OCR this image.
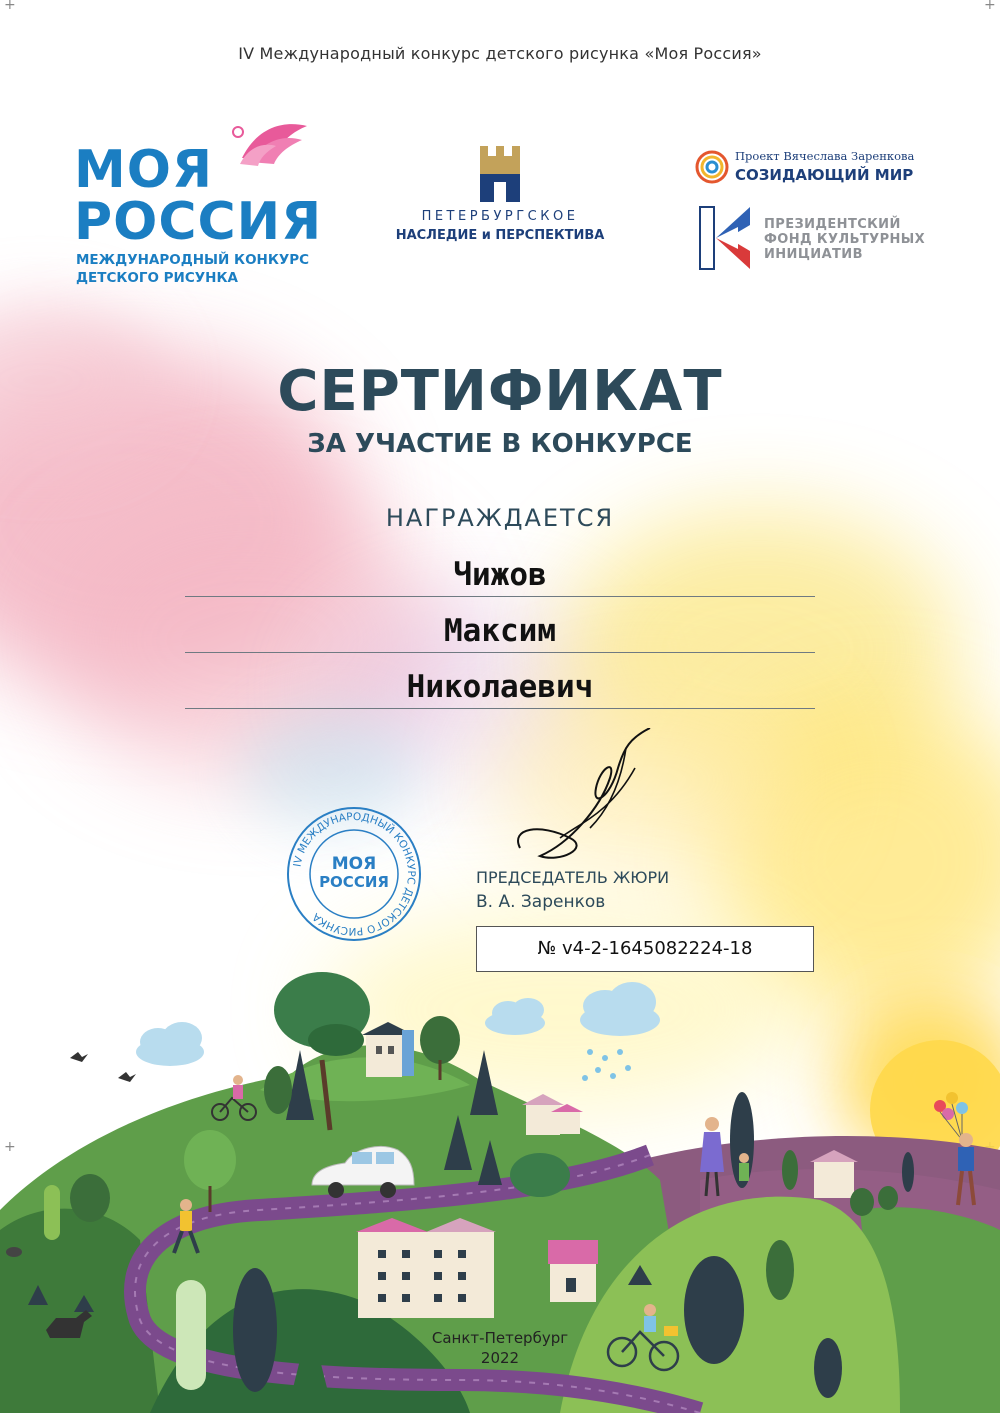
+	+
+
IV Международный конкурс детского рисунка «Моя Россия»
МОЯ
РОССИЯ
МЕЖДУНАРОДНЫЙ КОНКУРС
ДЕТСКОГО РИСУНКА
ПЕТЕРБУРГСКОЕ
НАСЛЕДИЕ и ПЕРСПЕКТИВА
Проект Вячеслава Заренкова
СОЗИДАЮЩИЙ МИР
ПРЕЗИДЕНТСКИЙ
ФОНД КУЛЬТУРНЫХ
ИНИЦИАТИВ
СЕРТИФИКАТ
ЗА УЧАСТИЕ В КОНКУРСЕ
НАГРАЖДАЕТСЯ
Чижов
Максим
Николаевич
IV МЕЖДУНАРОДНЫЙ КОНКУРС ДЕТСКОГО РИСУНКА
МОЯ
РОССИЯ	ПРЕДСЕДАТЕЛЬ ЖЮРИ
В. А. Заренков
№ v4-2-1645082224-18
Санкт-Петербург
2022
